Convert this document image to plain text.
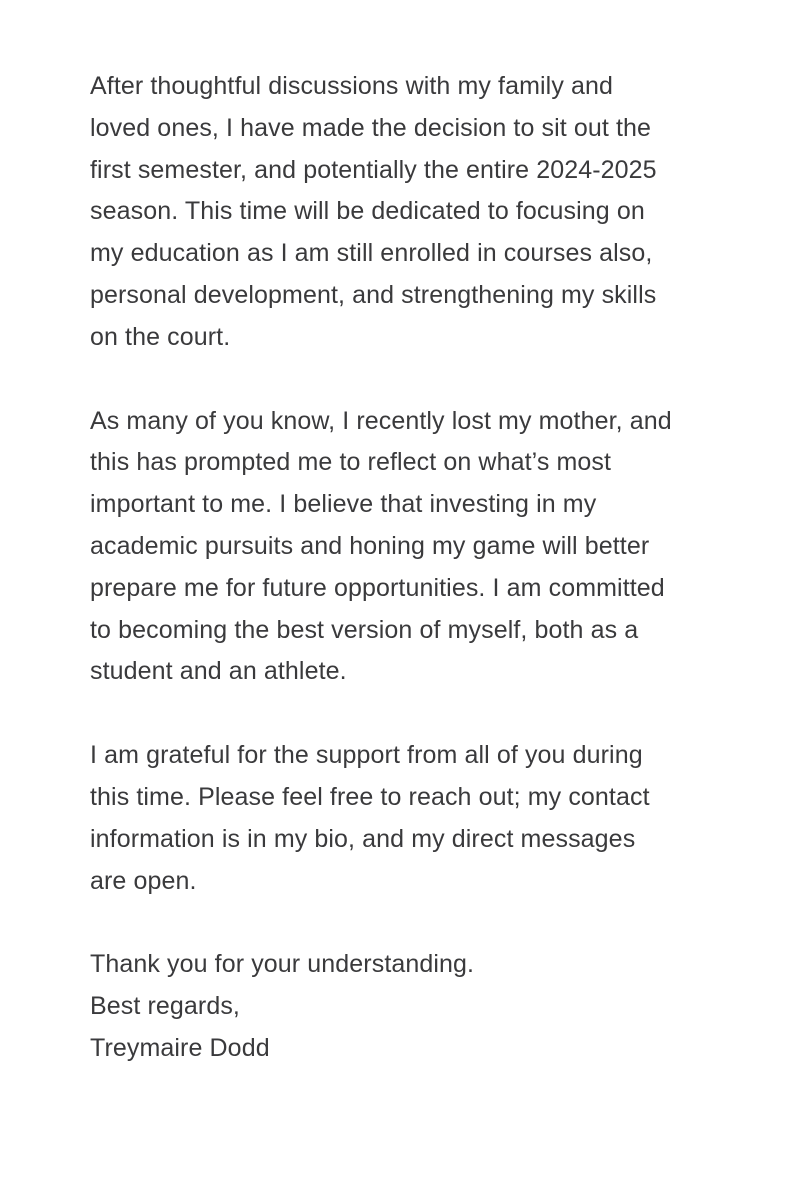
After thoughtful discussions with my family and
loved ones, I have made the decision to sit out the
first semester, and potentially the entire 2024-2025
season. This time will be dedicated to focusing on
my education as I am still enrolled in courses also,
personal development, and strengthening my skills
on the court.

As many of you know, I recently lost my mother, and
this has prompted me to reflect on what’s most
important to me. I believe that investing in my
academic pursuits and honing my game will better
prepare me for future opportunities. I am committed
to becoming the best version of myself, both as a
student and an athlete.

I am grateful for the support from all of you during
this time. Please feel free to reach out; my contact
information is in my bio, and my direct messages
are open.

Thank you for your understanding.
Best regards,
Treymaire Dodd
